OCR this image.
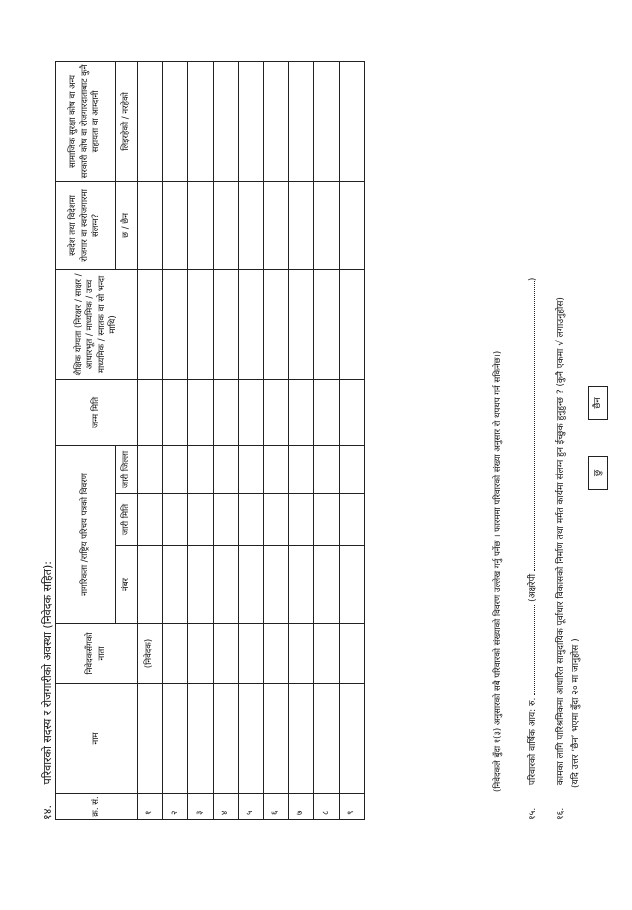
१४. परिवारको सदस्य र रोजगारीको अवस्था (निवेदक सहित):
क्र. सं.	नाम	निवेदकसँगको नाता	नागरिकता /राष्ट्रिय परिचय पत्रको विवरण			जन्म मिति	शैक्षिक योग्यता (निरक्षर / साक्षर / आधारभूत / माध्यमिक / उच्च माध्यमिक / स्नातक वा सो भन्दा माथि)	स्वदेश तथा विदेशमा रोजगार वा स्वरोजगारमा संलग्न?	सामाजिक सुरक्षा कोष वा अन्य सरकारी कोष वा रोजगारदाताबाट कुनै सहायता वा आम्दानी
			नंबर	जारी मिति	जारी जिल्ला			छ / छैन	लिइरहेको / नरहेको
१		(निवेदक)							
२									
३									
४									
५									
६									
७									
८									
९									
(निवेदकले बुँदा १(३) अनुसारको सबै परिवारको संख्याको विवरण उल्लेख गर्नु पर्नेछ । फारममा परिवारको संख्या अनुसार रो थपथप गर्न सकिनेछ।)
१५. परिवारको वार्षिक आय: रु.  (अक्षरेपी )
१६. कामका लागि पारिश्रमिकमा आधारित सामुदायिक पूर्वाधार विकासको निर्माण तथा मर्मत कार्यमा संलग्न हुन ईच्छुक हुनुहुन्छ ? (कुनै एकमा √ लगाउनुहोस) (यदि उत्तर ‘छैन’ भएमा बुँदा २० मा जानुहोस )
छु
छैन
